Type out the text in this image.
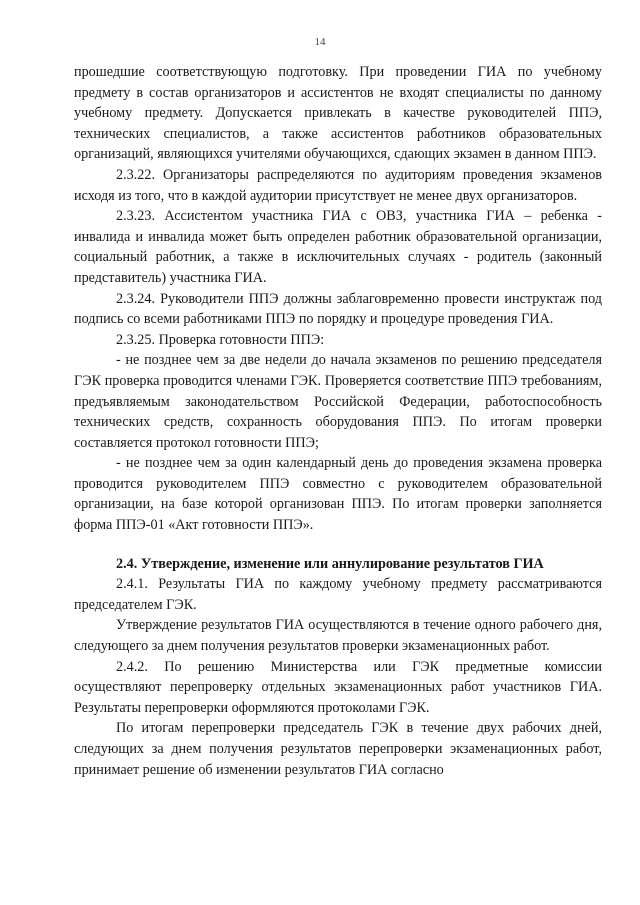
14

прошедшие соответствующую подготовку. При проведении ГИА по учебному предмету в состав организаторов и ассистентов не входят специалисты по данному учебному предмету. Допускается привлекать в качестве руководителей ППЭ, технических специалистов, а также ассистентов работников образовательных организаций, являющихся учителями обучающихся, сдающих экзамен в данном ППЭ.

2.3.22. Организаторы распределяются по аудиториям проведения экзаменов исходя из того, что в каждой аудитории присутствует не менее двух организаторов.

2.3.23. Ассистентом участника ГИА с ОВЗ, участника ГИА – ребенка - инвалида и инвалида может быть определен работник образовательной организации, социальный работник, а также в исключительных случаях - родитель (законный представитель) участника ГИА.

2.3.24. Руководители ППЭ должны заблаговременно провести инструктаж под подпись со всеми работниками ППЭ по порядку и процедуре проведения ГИА.

2.3.25. Проверка готовности ППЭ:

- не позднее чем за две недели до начала экзаменов по решению председателя ГЭК проверка проводится членами ГЭК. Проверяется соответствие ППЭ требованиям, предъявляемым законодательством Российской Федерации, работоспособность технических средств, сохранность оборудования ППЭ. По итогам проверки составляется протокол готовности ППЭ;

- не позднее чем за один календарный день до проведения экзамена проверка проводится руководителем ППЭ совместно с руководителем образовательной организации, на базе которой организован ППЭ. По итогам проверки заполняется форма ППЭ-01 «Акт готовности ППЭ».

2.4. Утверждение, изменение или аннулирование результатов ГИА

2.4.1. Результаты ГИА по каждому учебному предмету рассматриваются председателем ГЭК.

Утверждение результатов ГИА осуществляются в течение одного рабочего дня, следующего за днем получения результатов проверки экзаменационных работ.

2.4.2. По решению Министерства или ГЭК предметные комиссии осуществляют перепроверку отдельных экзаменационных работ участников ГИА. Результаты перепроверки оформляются протоколами ГЭК.

По итогам перепроверки председатель ГЭК в течение двух рабочих дней, следующих за днем получения результатов перепроверки экзаменационных работ, принимает решение об изменении результатов ГИА согласно
